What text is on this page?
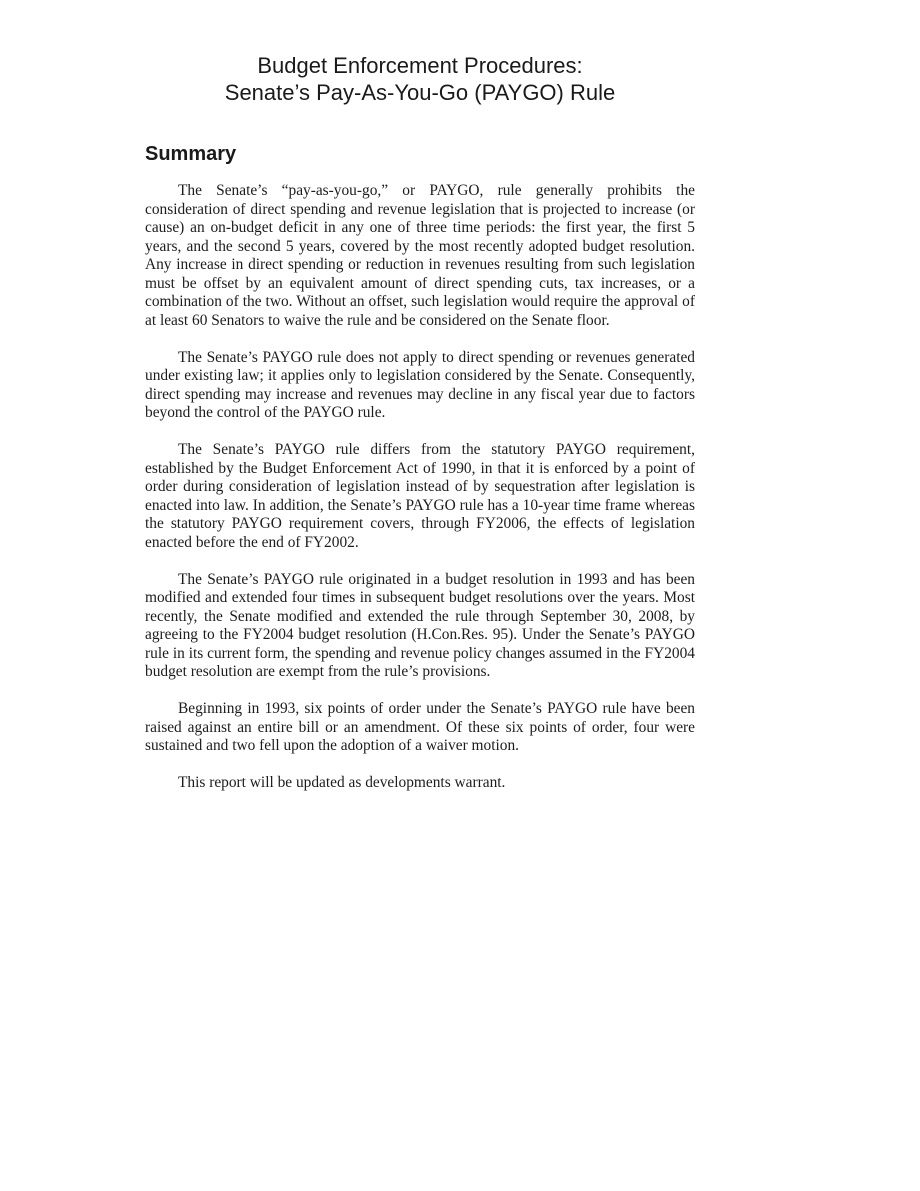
Budget Enforcement Procedures:
Senate’s Pay-As-You-Go (PAYGO) Rule
Summary

The Senate’s “pay-as-you-go,” or PAYGO, rule generally prohibits the consideration of direct spending and revenue legislation that is projected to increase (or cause) an on-budget deficit in any one of three time periods: the first year, the first 5 years, and the second 5 years, covered by the most recently adopted budget resolution. Any increase in direct spending or reduction in revenues resulting from such legislation must be offset by an equivalent amount of direct spending cuts, tax increases, or a combination of the two. Without an offset, such legislation would require the approval of at least 60 Senators to waive the rule and be considered on the Senate floor.

The Senate’s PAYGO rule does not apply to direct spending or revenues generated under existing law; it applies only to legislation considered by the Senate. Consequently, direct spending may increase and revenues may decline in any fiscal year due to factors beyond the control of the PAYGO rule.

The Senate’s PAYGO rule differs from the statutory PAYGO requirement, established by the Budget Enforcement Act of 1990, in that it is enforced by a point of order during consideration of legislation instead of by sequestration after legislation is enacted into law. In addition, the Senate’s PAYGO rule has a 10-year time frame whereas the statutory PAYGO requirement covers, through FY2006, the effects of legislation enacted before the end of FY2002.

The Senate’s PAYGO rule originated in a budget resolution in 1993 and has been modified and extended four times in subsequent budget resolutions over the years. Most recently, the Senate modified and extended the rule through September 30, 2008, by agreeing to the FY2004 budget resolution (H.Con.Res. 95). Under the Senate’s PAYGO rule in its current form, the spending and revenue policy changes assumed in the FY2004 budget resolution are exempt from the rule’s provisions.

Beginning in 1993, six points of order under the Senate’s PAYGO rule have been raised against an entire bill or an amendment. Of these six points of order, four were sustained and two fell upon the adoption of a waiver motion.

This report will be updated as developments warrant.
